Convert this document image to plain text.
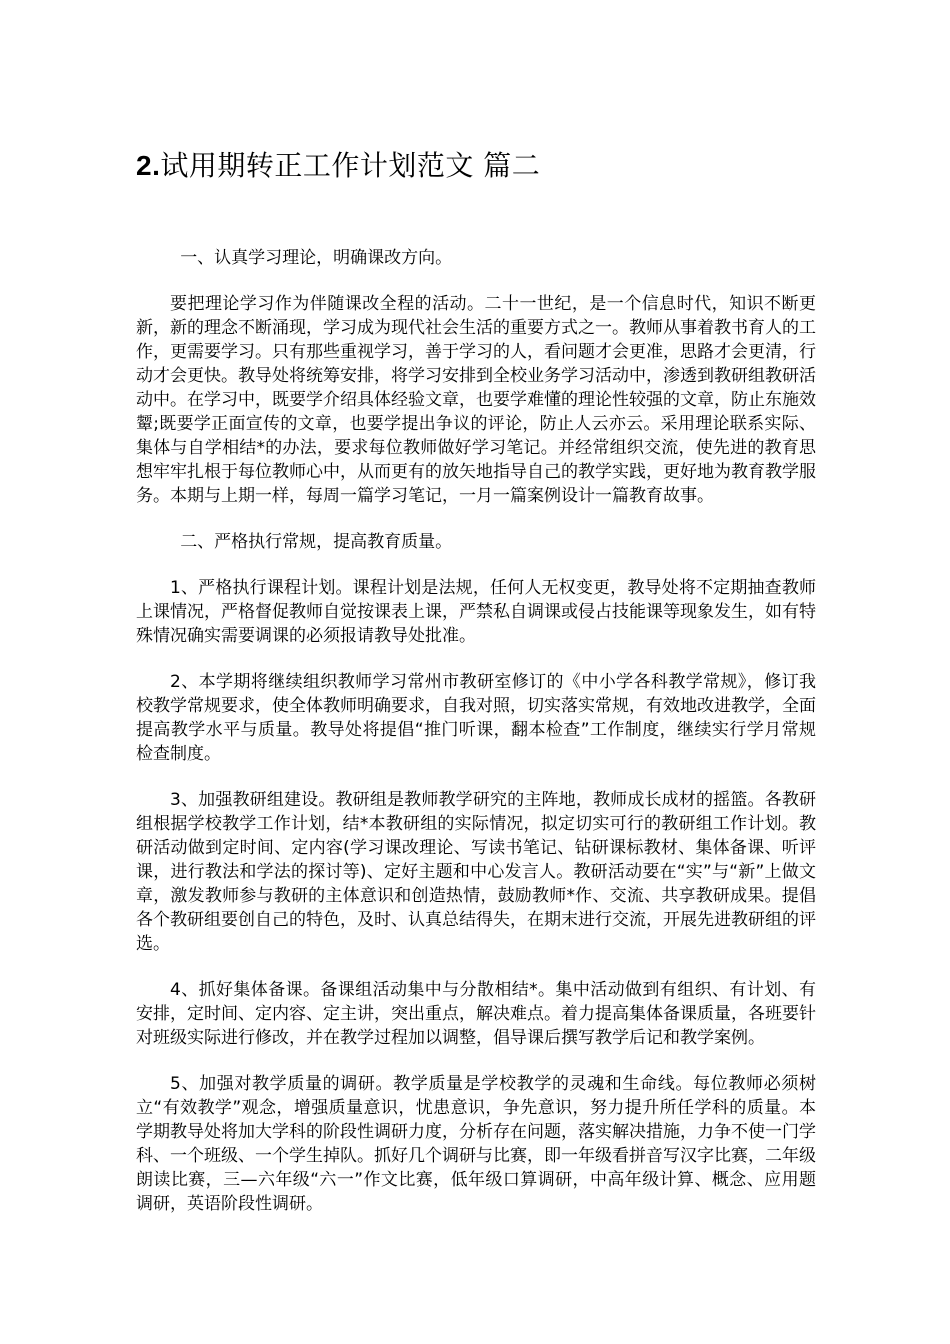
2.试用期转正工作计划范文 篇二

一、认真学习理论，明确课改方向。

要把理论学习作为伴随课改全程的活动。二十一世纪，是一个信息时代，知识不断更新，新的理念不断涌现，学习成为现代社会生活的重要方式之一。教师从事着教书育人的工作，更需要学习。只有那些重视学习，善于学习的人，看问题才会更准，思路才会更清，行动才会更快。教导处将统筹安排，将学习安排到全校业务学习活动中，渗透到教研组教研活动中。在学习中，既要学介绍具体经验文章，也要学难懂的理论性较强的文章，防止东施效颦;既要学正面宣传的文章，也要学提出争议的评论，防止人云亦云。采用理论联系实际、集体与自学相结*的办法，要求每位教师做好学习笔记。并经常组织交流，使先进的教育思想牢牢扎根于每位教师心中，从而更有的放矢地指导自己的教学实践，更好地为教育教学服务。本期与上期一样，每周一篇学习笔记，一月一篇案例设计一篇教育故事。

二、严格执行常规，提高教育质量。

1、严格执行课程计划。课程计划是法规，任何人无权变更，教导处将不定期抽查教师上课情况，严格督促教师自觉按课表上课，严禁私自调课或侵占技能课等现象发生，如有特殊情况确实需要调课的必须报请教导处批准。

2、本学期将继续组织教师学习常州市教研室修订的《中小学各科教学常规》，修订我校教学常规要求，使全体教师明确要求，自我对照，切实落实常规，有效地改进教学，全面提高教学水平与质量。教导处将提倡“推门听课，翻本检查”工作制度，继续实行学月常规检查制度。

3、加强教研组建设。教研组是教师教学研究的主阵地，教师成长成材的摇篮。各教研组根据学校教学工作计划，结*本教研组的实际情况，拟定切实可行的教研组工作计划。教研活动做到定时间、定内容(学习课改理论、写读书笔记、钻研课标教材、集体备课、听评课，进行教法和学法的探讨等)、定好主题和中心发言人。教研活动要在“实”与“新”上做文章，激发教师参与教研的主体意识和创造热情，鼓励教师*作、交流、共享教研成果。提倡各个教研组要创自己的特色，及时、认真总结得失，在期末进行交流，开展先进教研组的评选。

4、抓好集体备课。备课组活动集中与分散相结*。集中活动做到有组织、有计划、有安排，定时间、定内容、定主讲，突出重点，解决难点。着力提高集体备课质量，各班要针对班级实际进行修改，并在教学过程加以调整，倡导课后撰写教学后记和教学案例。

5、加强对教学质量的调研。教学质量是学校教学的灵魂和生命线。每位教师必须树立“有效教学”观念，增强质量意识，忧患意识，争先意识，努力提升所任学科的质量。本学期教导处将加大学科的阶段性调研力度，分析存在问题，落实解决措施，力争不使一门学科、一个班级、一个学生掉队。抓好几个调研与比赛，即一年级看拼音写汉字比赛，二年级朗读比赛，三—六年级“六一”作文比赛，低年级口算调研，中高年级计算、概念、应用题调研，英语阶段性调研。
